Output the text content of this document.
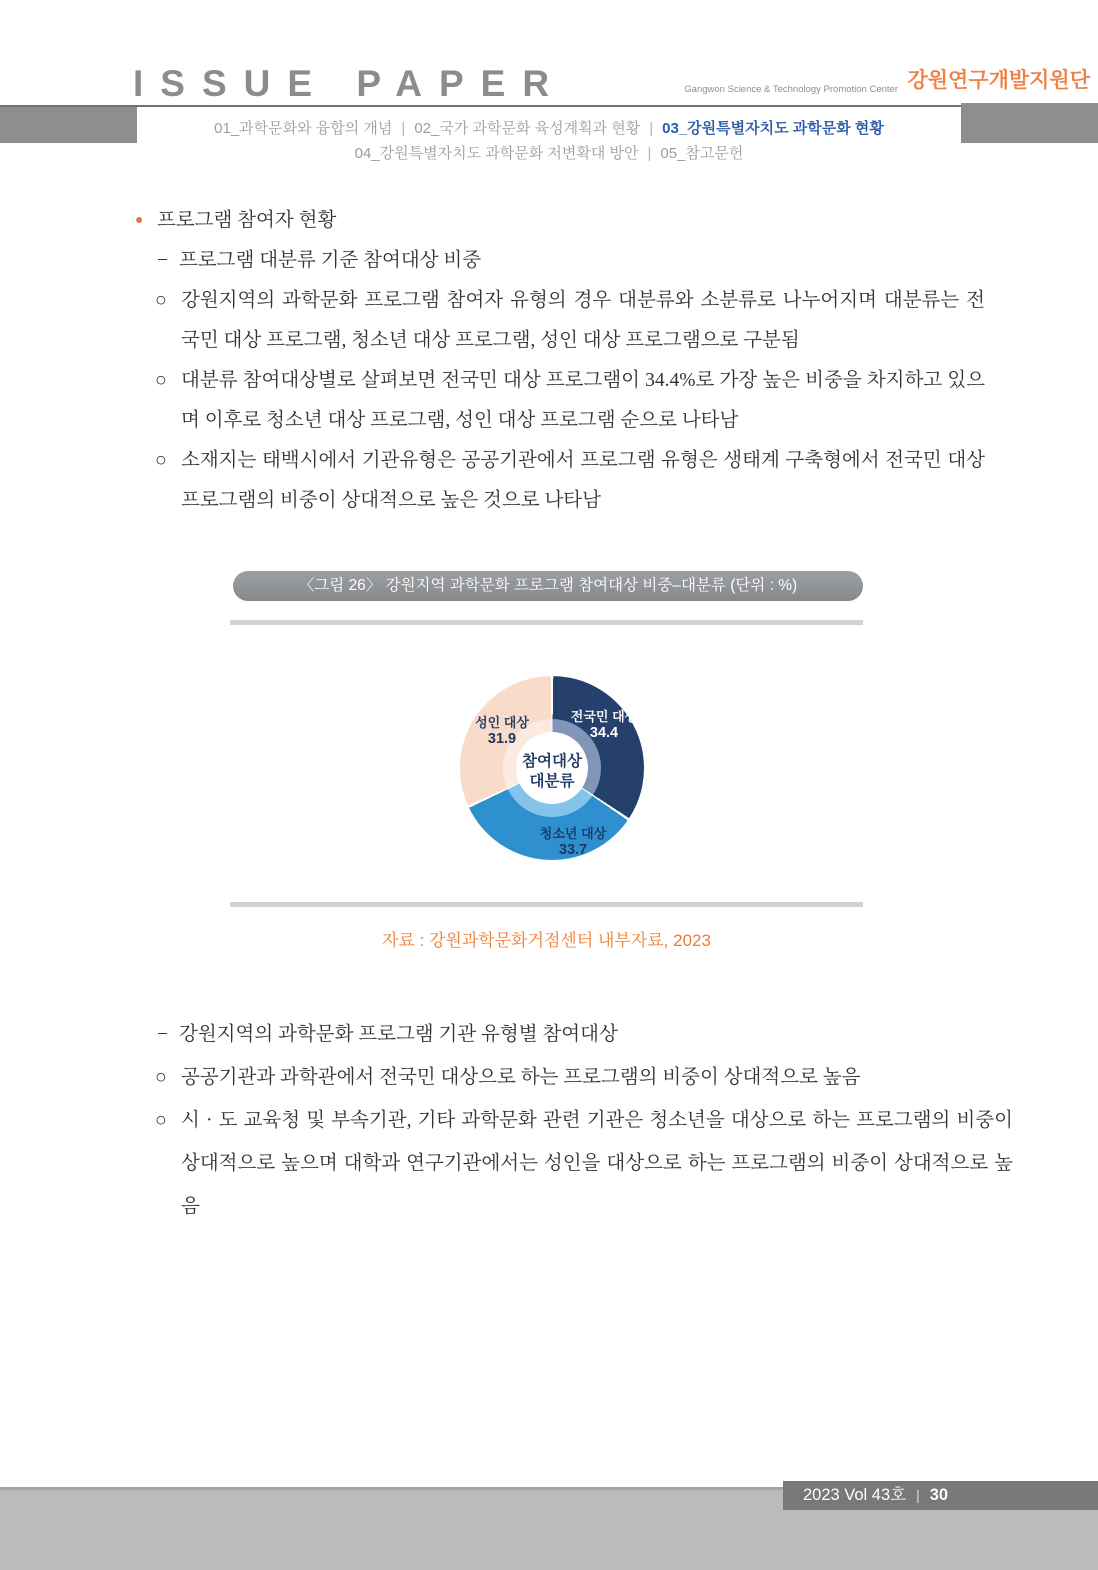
ISSUE PAPER	Gangwon Science & Technology Promotion Center 강원연구개발지원단
01_과학문화와 융합의 개념 | 02_국가 과학문화 육성계획과 현황 | 03_강원특별자치도 과학문화 현황
04_강원특별자치도 과학문화 저변확대 방안 | 05_참고문헌
● 프로그램 참여자 현황
− 프로그램 대분류 기준 참여대상 비중
○ 강원지역의 과학문화 프로그램 참여자 유형의 경우 대분류와 소분류로 나누어지며 대분류는 전 국민 대상 프로그램, 청소년 대상 프로그램, 성인 대상 프로그램으로 구분됨
○ 대분류 참여대상별로 살펴보면 전국민 대상 프로그램이 34.4%로 가장 높은 비중을 차지하고 있으며 이후로 청소년 대상 프로그램, 성인 대상 프로그램 순으로 나타남
○ 소재지는 태백시에서 기관유형은 공공기관에서 프로그램 유형은 생태계 구축형에서 전국민 대상 프로그램의 비중이 상대적으로 높은 것으로 나타남
〈그림 26〉 강원지역 과학문화 프로그램 참여대상 비중–대분류 (단위 : %)
참여대상
대분류
전국민 대상
34.4
청소년 대상
33.7
성인 대상
31.9
자료 : 강원과학문화거점센터 내부자료, 2023
− 강원지역의 과학문화 프로그램 기관 유형별 참여대상
○ 공공기관과 과학관에서 전국민 대상으로 하는 프로그램의 비중이 상대적으로 높음
○ 시 · 도 교육청 및 부속기관, 기타 과학문화 관련 기관은 청소년을 대상으로 하는 프로그램의 비중이 상대적으로 높으며 대학과 연구기관에서는 성인을 대상으로 하는 프로그램의 비중이 상대적으로 높음
2023 Vol 43호 | 30
